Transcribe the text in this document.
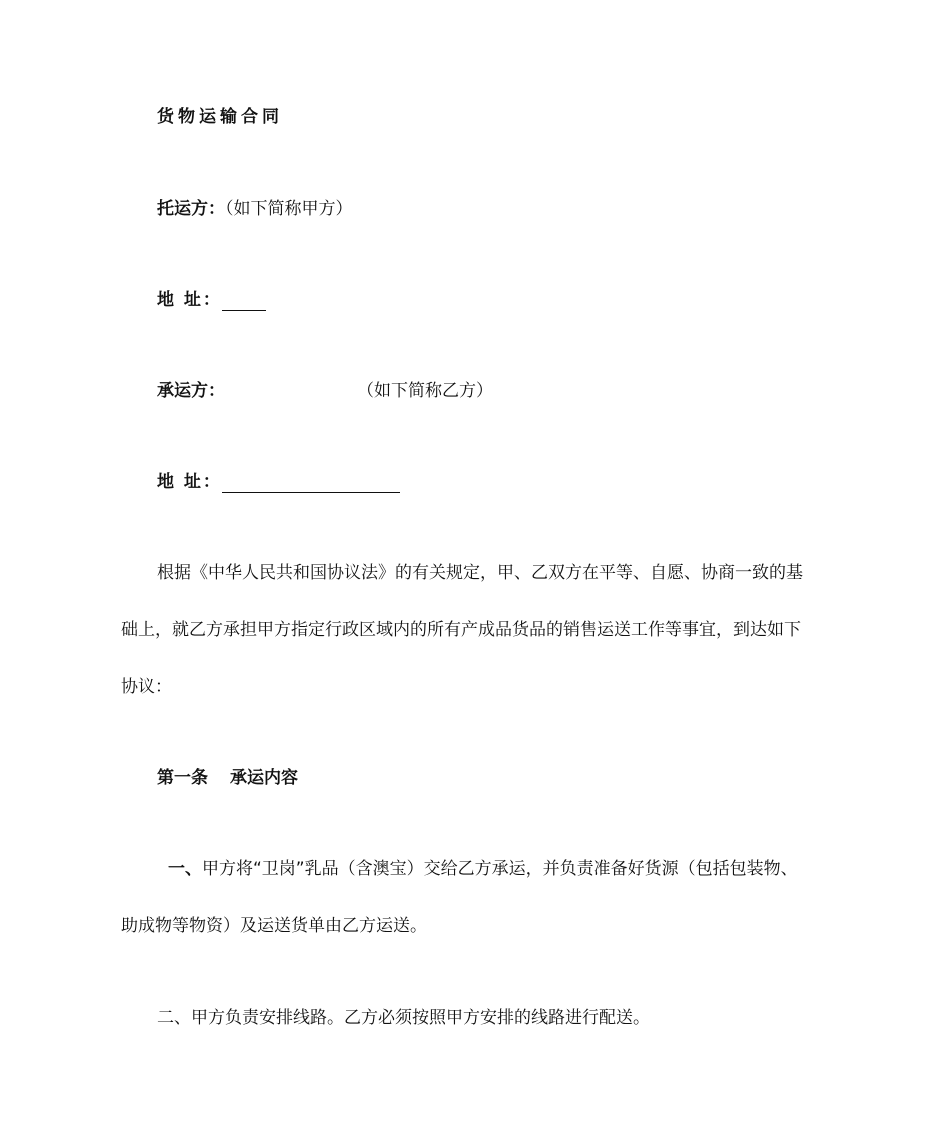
货物运输合同
托运方：（如下简称甲方）
地 址：
承运方：	（如下简称乙方）
地 址：
根据《中华人民共和国协议法》的有关规定，甲、乙双方在平等、自愿、协商一致的基
础上，就乙方承担甲方指定行政区域内的所有产成品货品的销售运送工作等事宜，到达如下
协议：
第一条 承运内容
一、甲方将“卫岗”乳品（含澳宝）交给乙方承运，并负责准备好货源（包括包装物、
助成物等物资）及运送货单由乙方运送。
二、甲方负责安排线路。乙方必须按照甲方安排的线路进行配送。
